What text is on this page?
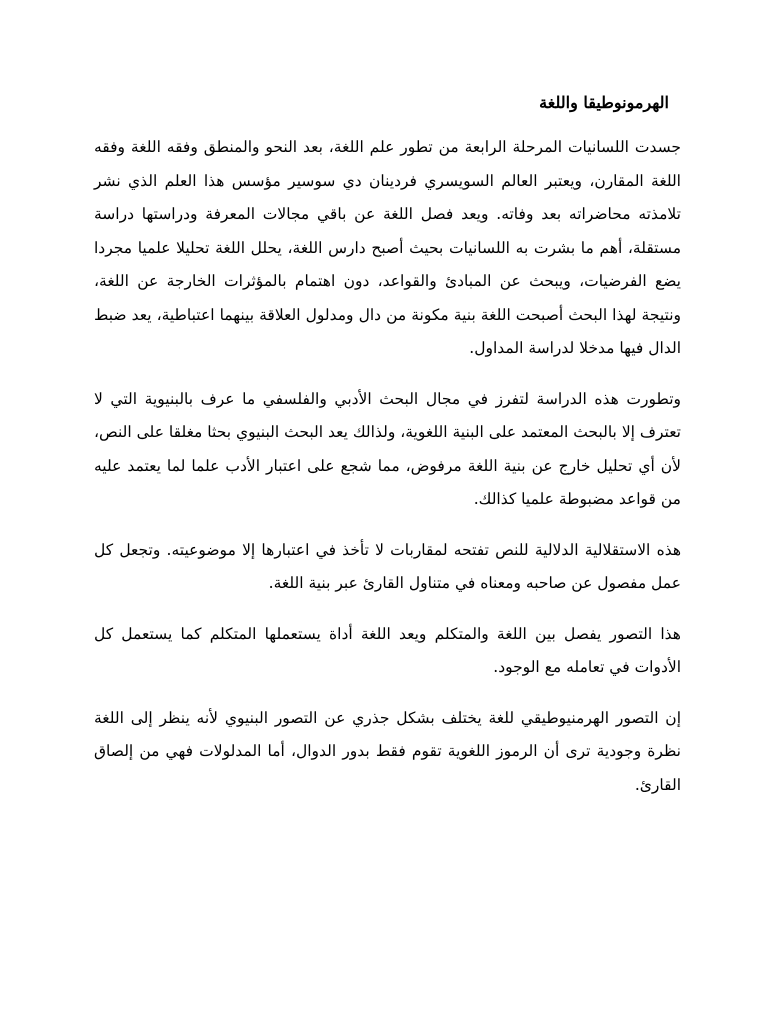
الهرمونوطيقا واللغة

جسدت اللسانيات المرحلة الرابعة من تطور علم اللغة، بعد النحو والمنطق وفقه اللغة وفقه اللغة المقارن، ويعتبر العالم السويسري فردينان دي سوسير مؤسس هذا العلم الذي نشر تلامذته محاضراته بعد وفاته. ويعد فصل اللغة عن باقي مجالات المعرفة ودراستها دراسة مستقلة، أهم ما بشرت به اللسانيات بحيث أصبح دارس اللغة، يحلل اللغة تحليلا علميا مجردا يضع الفرضيات، ويبحث عن المبادئ والقواعد، دون اهتمام بالمؤثرات الخارجة عن اللغة، ونتيجة لهذا البحث أصبحت اللغة بنية مكونة من دال ومدلول العلاقة بينهما اعتباطية، يعد ضبط الدال فيها مدخلا لدراسة المداول.

وتطورت هذه الدراسة لتفرز في مجال البحث الأدبي والفلسفي ما عرف بالبنيوية التي لا تعترف إلا بالبحث المعتمد على البنية اللغوية، ولذالك يعد البحث البنيوي بحثا مغلقا على النص، لأن أي تحليل خارج عن بنية اللغة مرفوض، مما شجع على اعتبار الأدب علما لما يعتمد عليه من قواعد مضبوطة علميا كذالك.

هذه الاستقلالية الدلالية للنص تفتحه لمقاربات لا تأخذ في اعتبارها إلا موضوعيته. وتجعل كل عمل مفصول عن صاحبه ومعناه في متناول القارئ عبر بنية اللغة.

هذا التصور يفصل بين اللغة والمتكلم ويعد اللغة أداة يستعملها المتكلم كما يستعمل كل الأدوات في تعامله مع الوجود.

إن التصور الهرمنيوطيقي للغة يختلف بشكل جذري عن التصور البنيوي لأنه ينظر إلى اللغة نظرة وجودية ترى أن الرموز اللغوية تقوم فقط بدور الدوال، أما المدلولات فهي من إلصاق القارئ.
